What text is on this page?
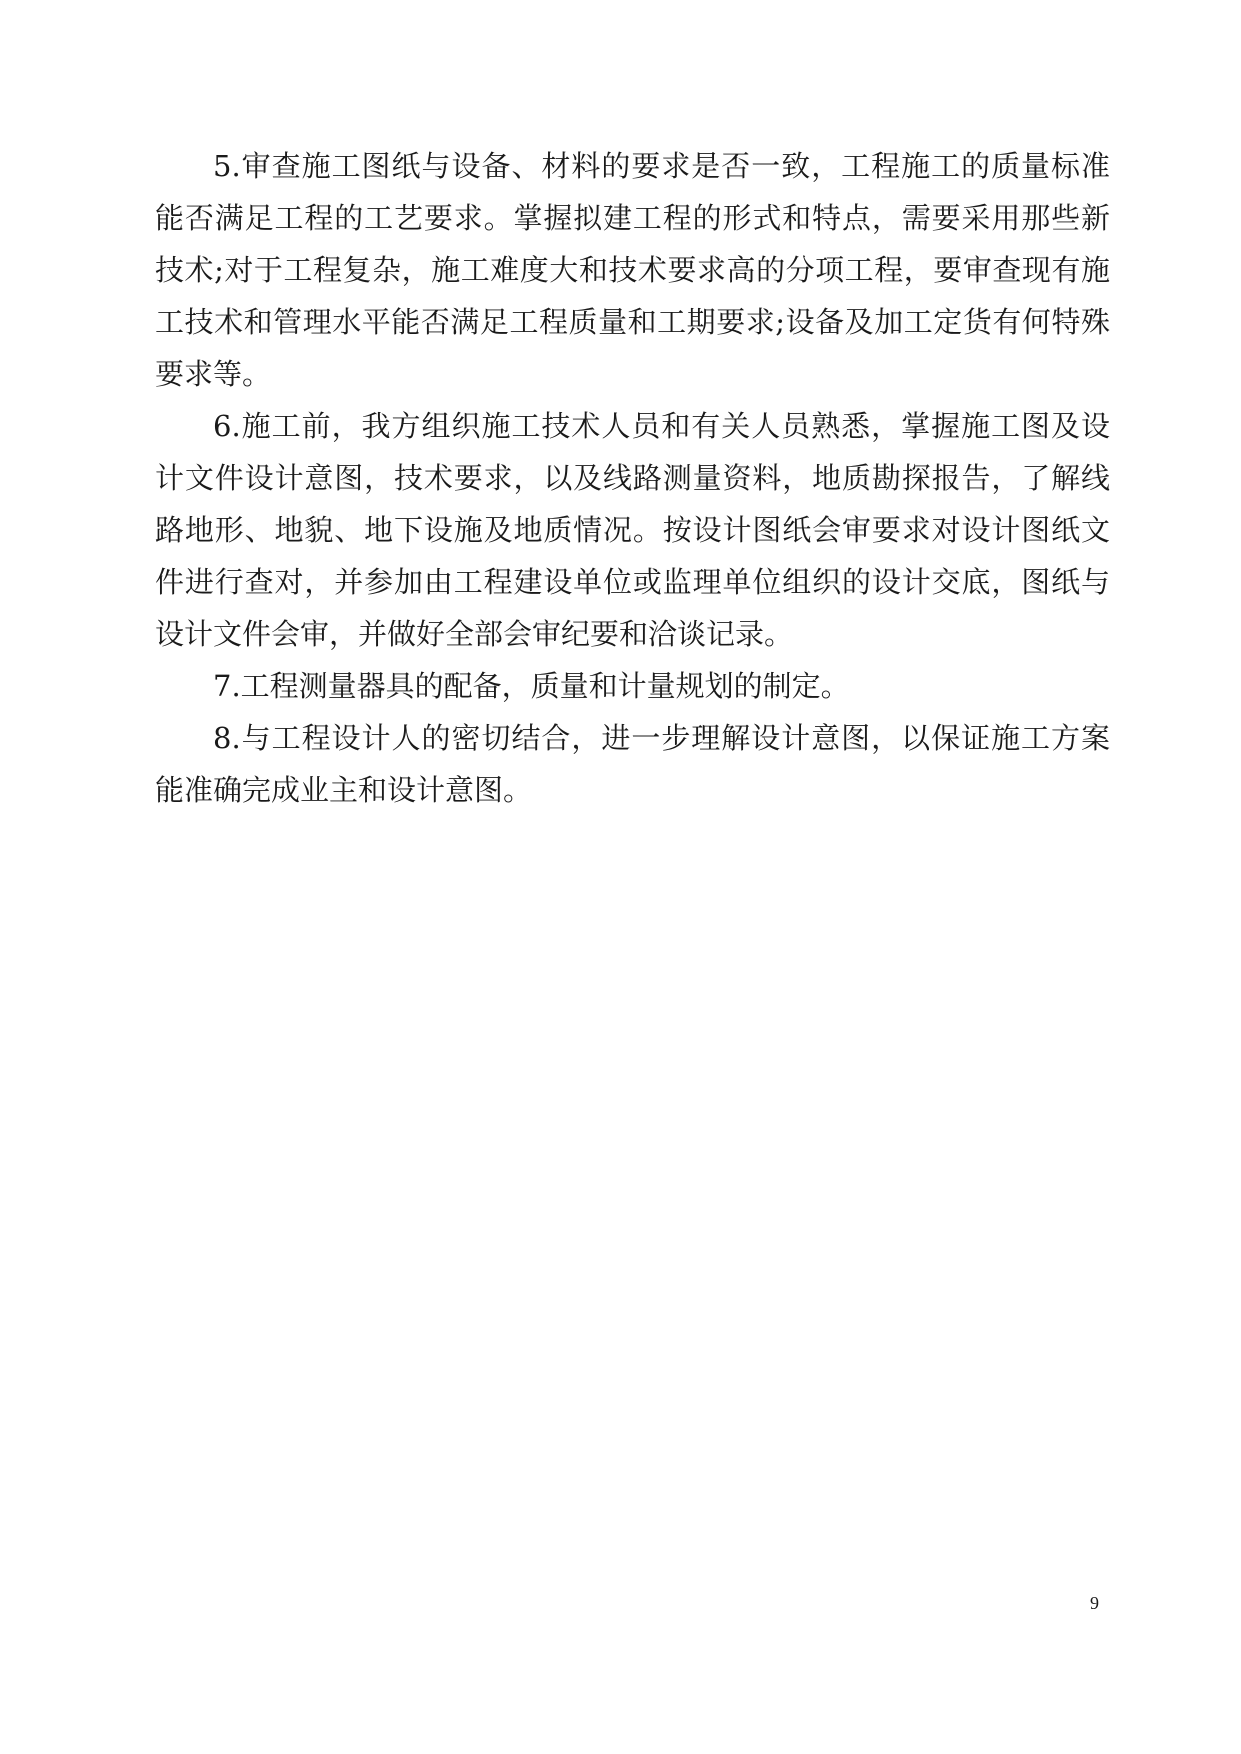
5.审查施工图纸与设备、材料的要求是否一致，工程施工的质量标准能否满足工程的工艺要求。掌握拟建工程的形式和特点，需要采用那些新技术;对于工程复杂，施工难度大和技术要求高的分项工程，要审查现有施工技术和管理水平能否满足工程质量和工期要求;设备及加工定货有何特殊要求等。

6.施工前，我方组织施工技术人员和有关人员熟悉，掌握施工图及设计文件设计意图，技术要求，以及线路测量资料，地质勘探报告，了解线路地形、地貌、地下设施及地质情况。按设计图纸会审要求对设计图纸文件进行查对，并参加由工程建设单位或监理单位组织的设计交底，图纸与设计文件会审，并做好全部会审纪要和洽谈记录。

7.工程测量器具的配备，质量和计量规划的制定。

8.与工程设计人的密切结合，进一步理解设计意图，以保证施工方案能准确完成业主和设计意图。

9
